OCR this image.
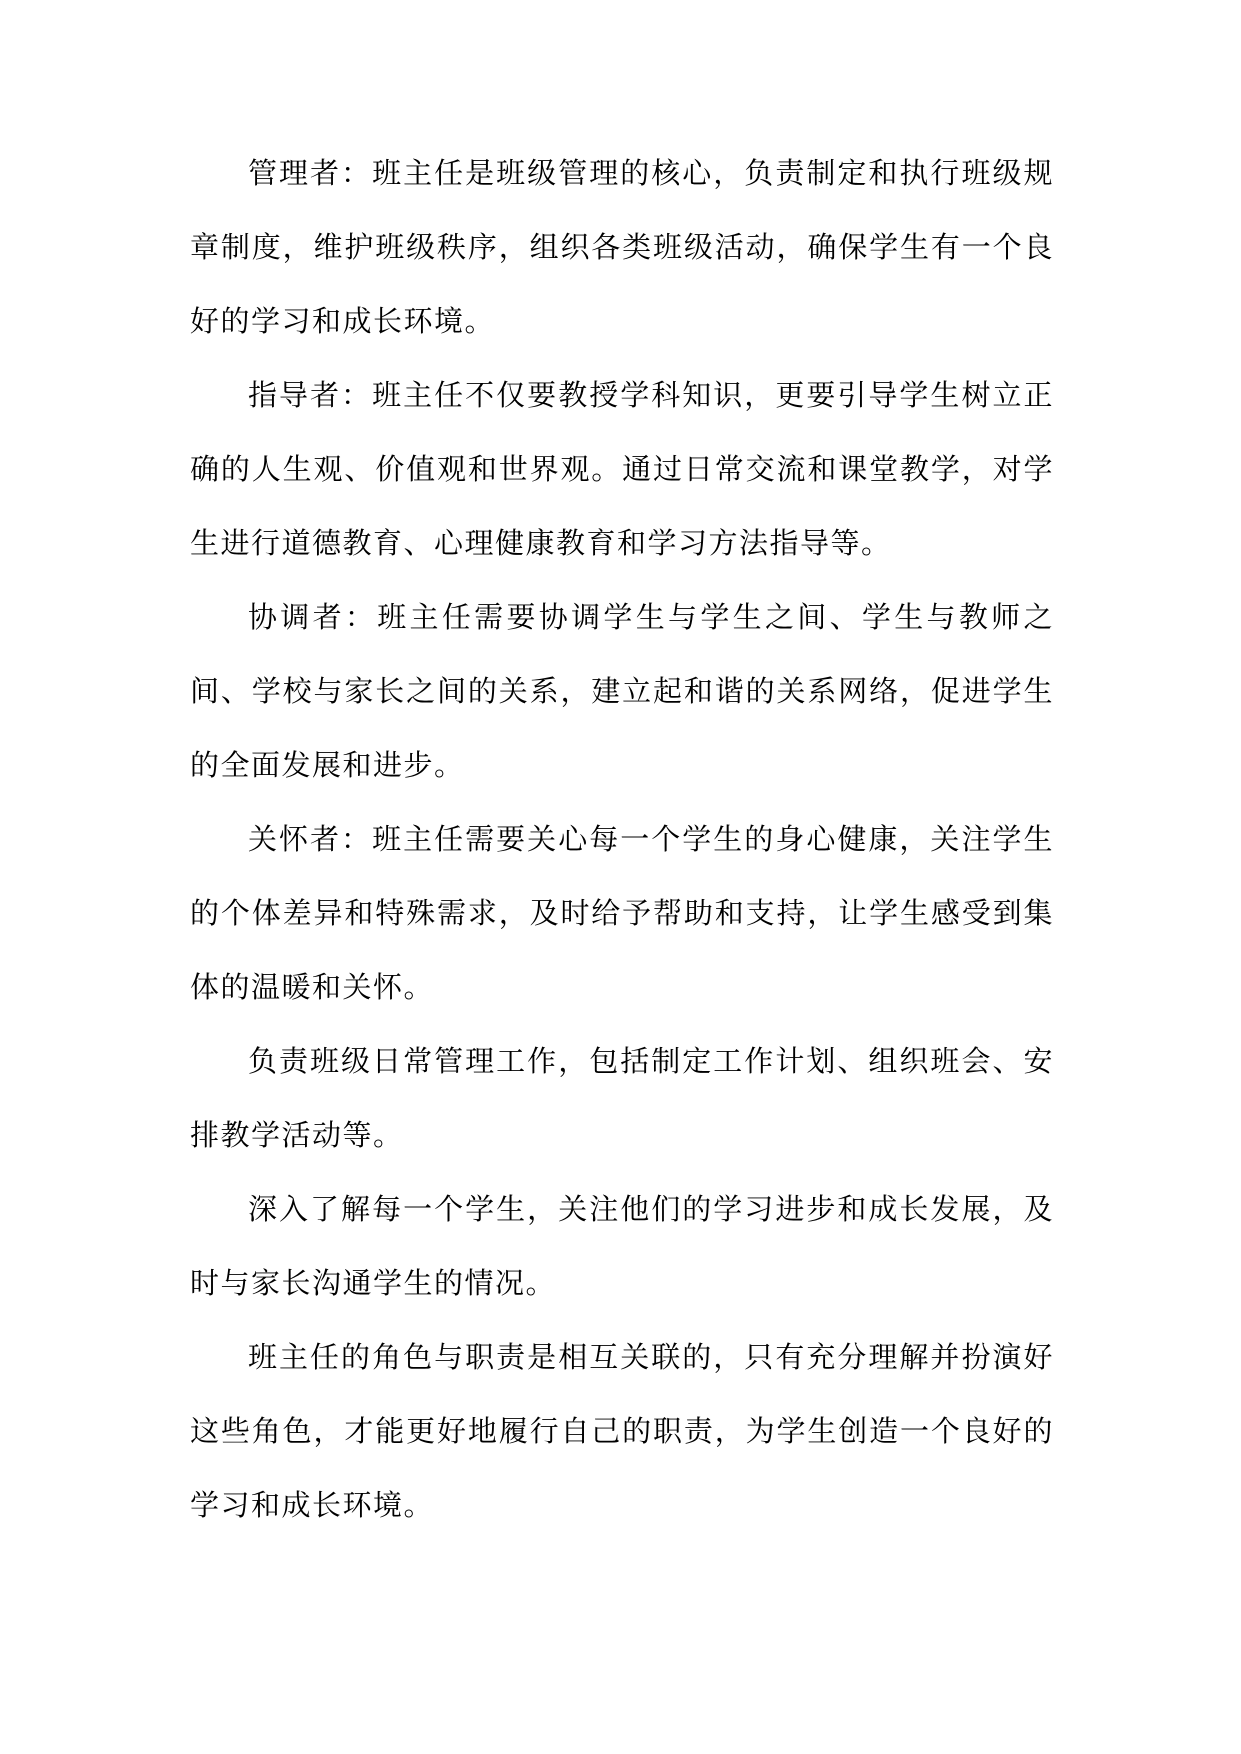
管理者：班主任是班级管理的核心，负责制定和执行班级规章制度，维护班级秩序，组织各类班级活动，确保学生有一个良好的学习和成长环境。

指导者：班主任不仅要教授学科知识，更要引导学生树立正确的人生观、价值观和世界观。通过日常交流和课堂教学，对学生进行道德教育、心理健康教育和学习方法指导等。

协调者：班主任需要协调学生与学生之间、学生与教师之间、学校与家长之间的关系，建立起和谐的关系网络，促进学生的全面发展和进步。

关怀者：班主任需要关心每一个学生的身心健康，关注学生的个体差异和特殊需求，及时给予帮助和支持，让学生感受到集体的温暖和关怀。

负责班级日常管理工作，包括制定工作计划、组织班会、安排教学活动等。

深入了解每一个学生，关注他们的学习进步和成长发展，及时与家长沟通学生的情况。

班主任的角色与职责是相互关联的，只有充分理解并扮演好这些角色，才能更好地履行自己的职责，为学生创造一个良好的学习和成长环境。
